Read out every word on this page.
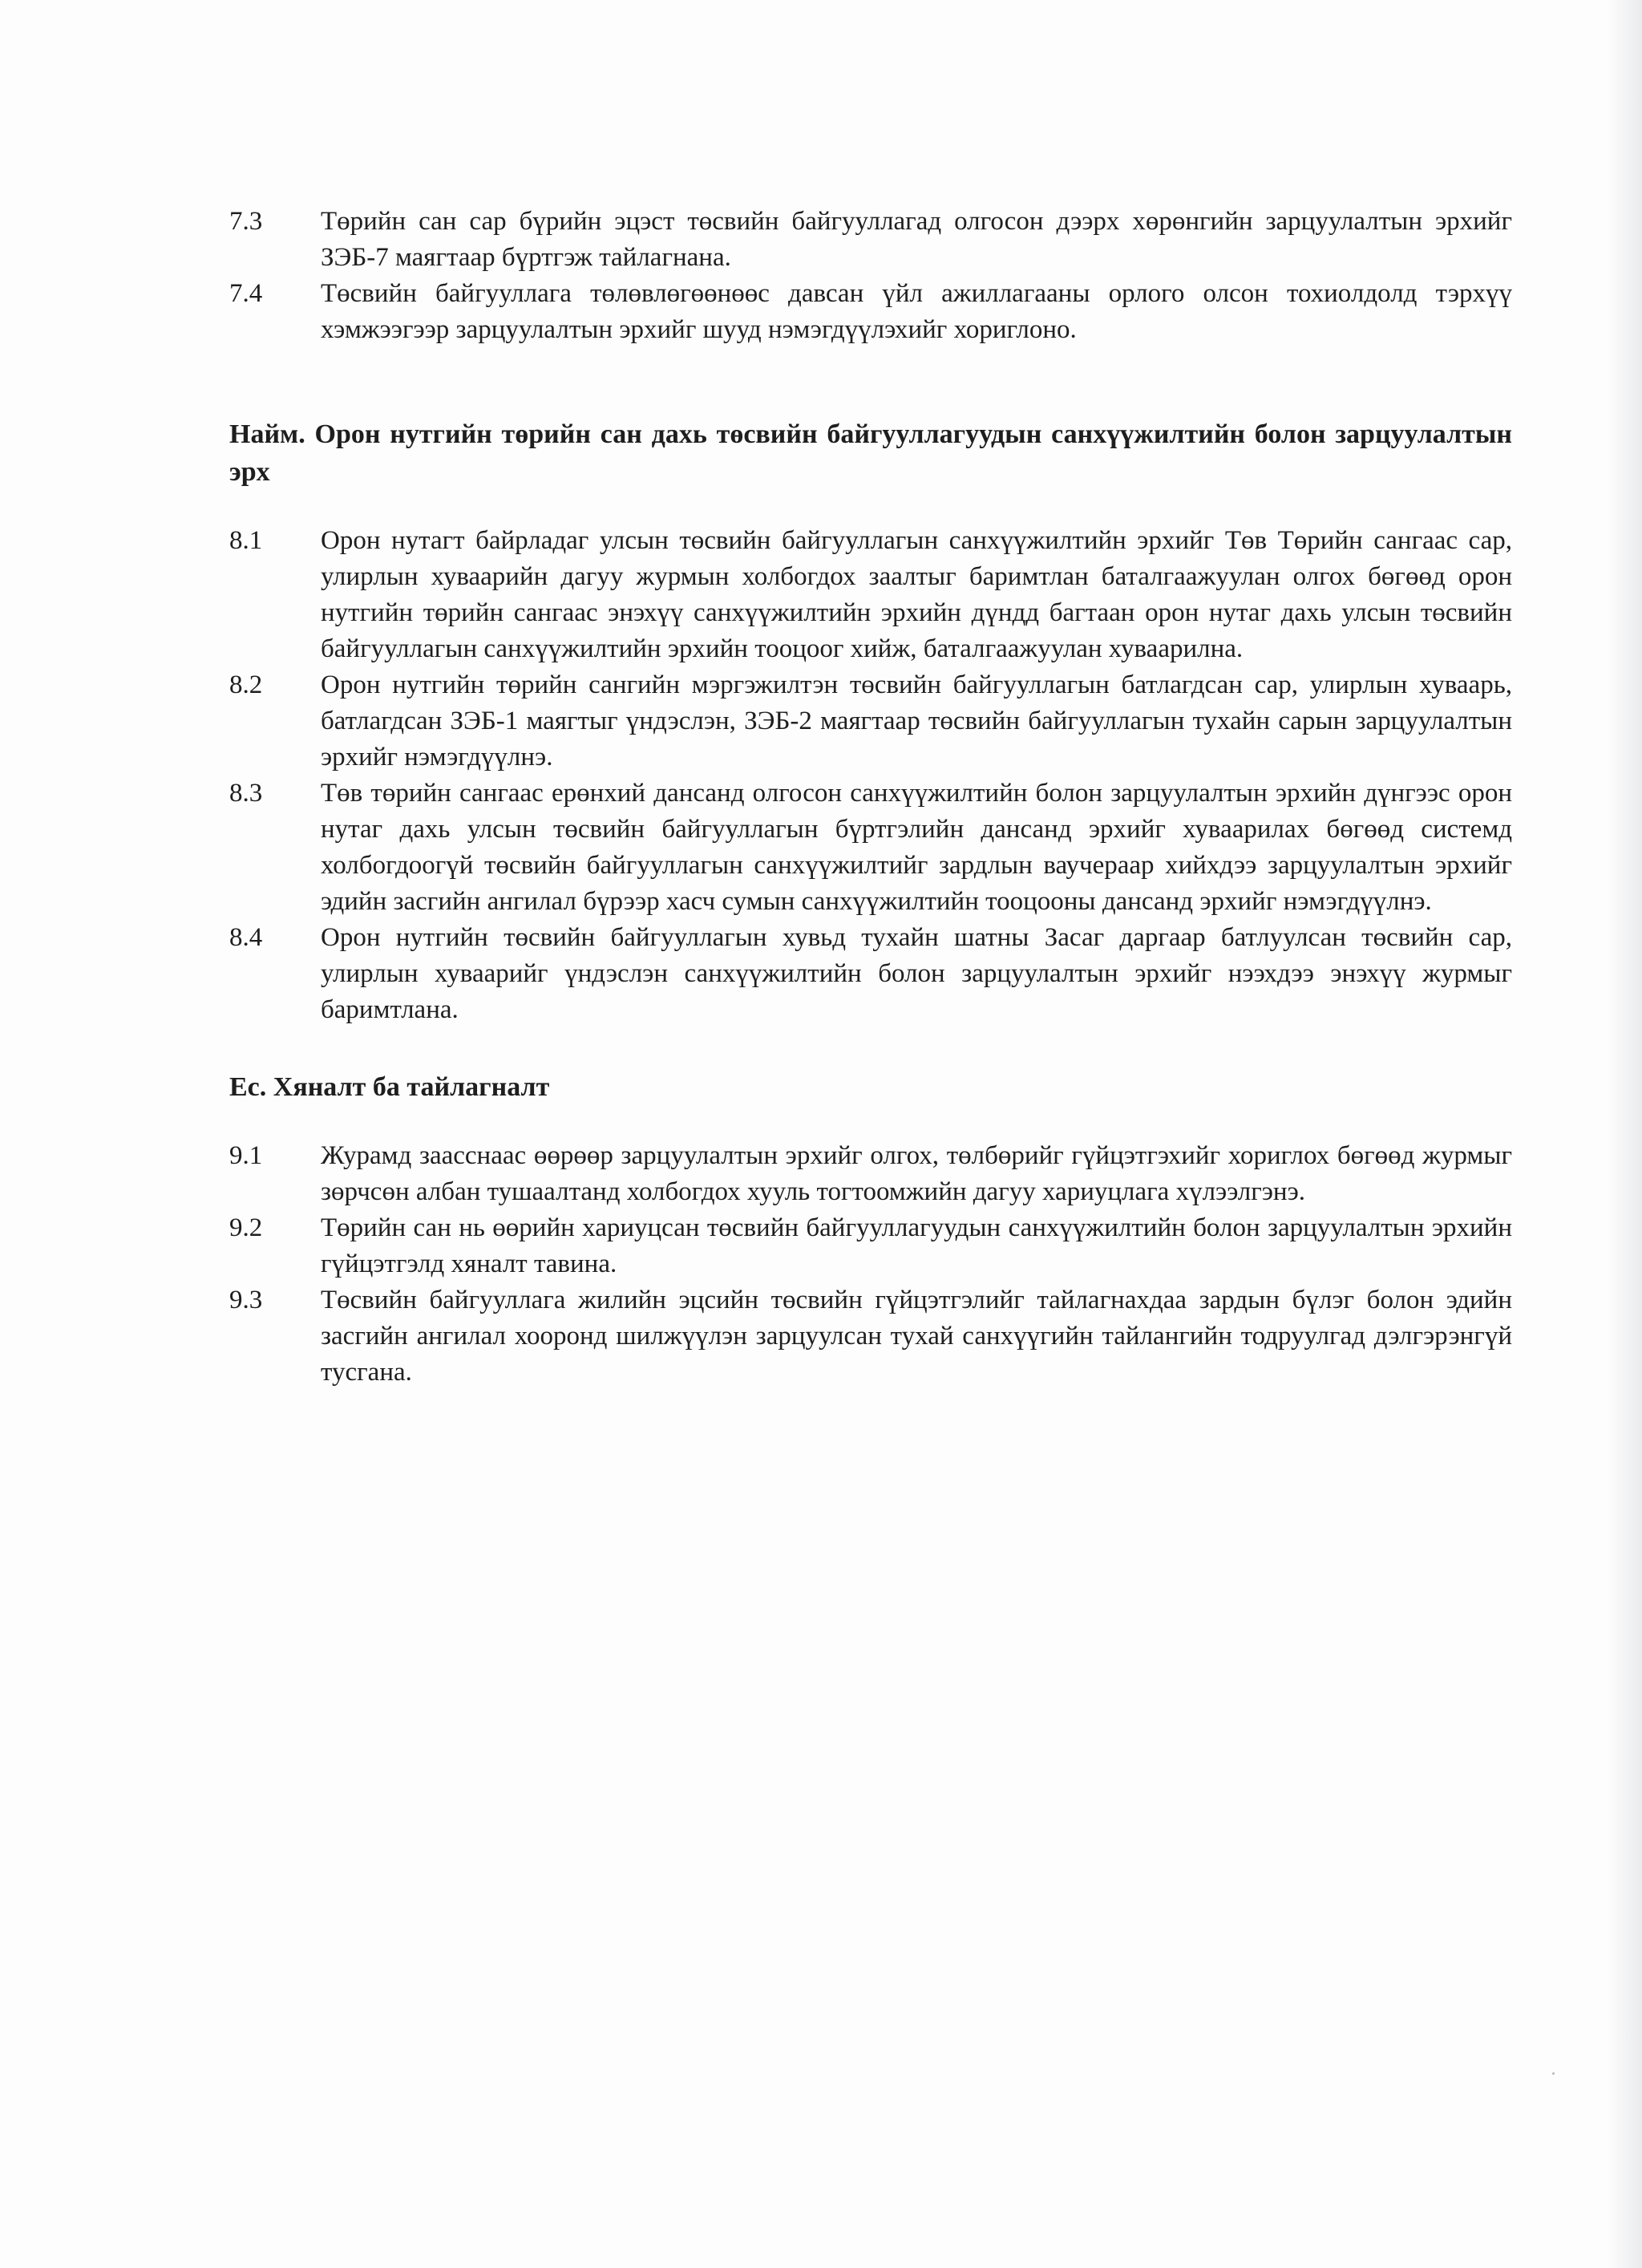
7.3	Төрийн сан сар бүрийн эцэст төсвийн байгууллагад олгосон дээрх хөрөнгийн зарцуулалтын эрхийг ЗЭБ-7 маягтаар бүртгэж тайлагнана.
7.4	Төсвийн байгууллага төлөвлөгөөнөөс давсан үйл ажиллагааны орлого олсон тохиолдолд тэрхүү хэмжээгээр зарцуулалтын эрхийг шууд нэмэгдүүлэхийг хориглоно.
Найм. Орон нутгийн төрийн сан дахь төсвийн байгууллагуудын санхүүжилтийн болон зарцуулалтын эрх
8.1	Орон нутагт байрладаг улсын төсвийн байгууллагын санхүүжилтийн эрхийг Төв Төрийн сангаас сар, улирлын хуваарийн дагуу журмын холбогдох заалтыг баримтлан баталгаажуулан олгох бөгөөд орон нутгийн төрийн сангаас энэхүү санхүүжилтийн эрхийн дүндд багтаан орон нутаг дахь улсын төсвийн байгууллагын санхүүжилтийн эрхийн тооцоог хийж, баталгаажуулан хуваарилна.
8.2	Орон нутгийн төрийн сангийн мэргэжилтэн төсвийн байгууллагын батлагдсан сар, улирлын хуваарь, батлагдсан ЗЭБ-1 маягтыг үндэслэн, ЗЭБ-2 маягтаар төсвийн байгууллагын тухайн сарын зарцуулалтын эрхийг нэмэгдүүлнэ.
8.3	Төв төрийн сангаас ерөнхий дансанд олгосон санхүүжилтийн болон зарцуулалтын эрхийн дүнгээс орон нутаг дахь улсын төсвийн байгууллагын бүртгэлийн дансанд эрхийг хуваарилах бөгөөд системд холбогдоогүй төсвийн байгууллагын санхүүжилтийг зардлын ваучераар хийхдээ зарцуулалтын эрхийг эдийн засгийн ангилал бүрээр хасч сумын санхүүжилтийн тооцооны дансанд эрхийг нэмэгдүүлнэ.
8.4	Орон нутгийн төсвийн байгууллагын хувьд тухайн шатны Засаг даргаар батлуулсан төсвийн сар, улирлын хуваарийг үндэслэн санхүүжилтийн болон зарцуулалтын эрхийг нээхдээ энэхүү журмыг баримтлана.
Ес. Хяналт ба тайлагналт
9.1	Журамд заасснаас өөрөөр зарцуулалтын эрхийг олгох, төлбөрийг гүйцэтгэхийг хориглох бөгөөд журмыг зөрчсөн албан тушаалтанд холбогдох хууль тогтоомжийн дагуу хариуцлага хүлээлгэнэ.
9.2	Төрийн сан нь өөрийн хариуцсан төсвийн байгууллагуудын санхүүжилтийн болон зарцуулалтын эрхийн гүйцэтгэлд хяналт тавина.
9.3	Төсвийн байгууллага жилийн эцсийн төсвийн гүйцэтгэлийг тайлагнахдаа зардын бүлэг болон эдийн засгийн ангилал хооронд шилжүүлэн зарцуулсан тухай санхүүгийн тайлангийн тодруулгад дэлгэрэнгүй тусгана.
